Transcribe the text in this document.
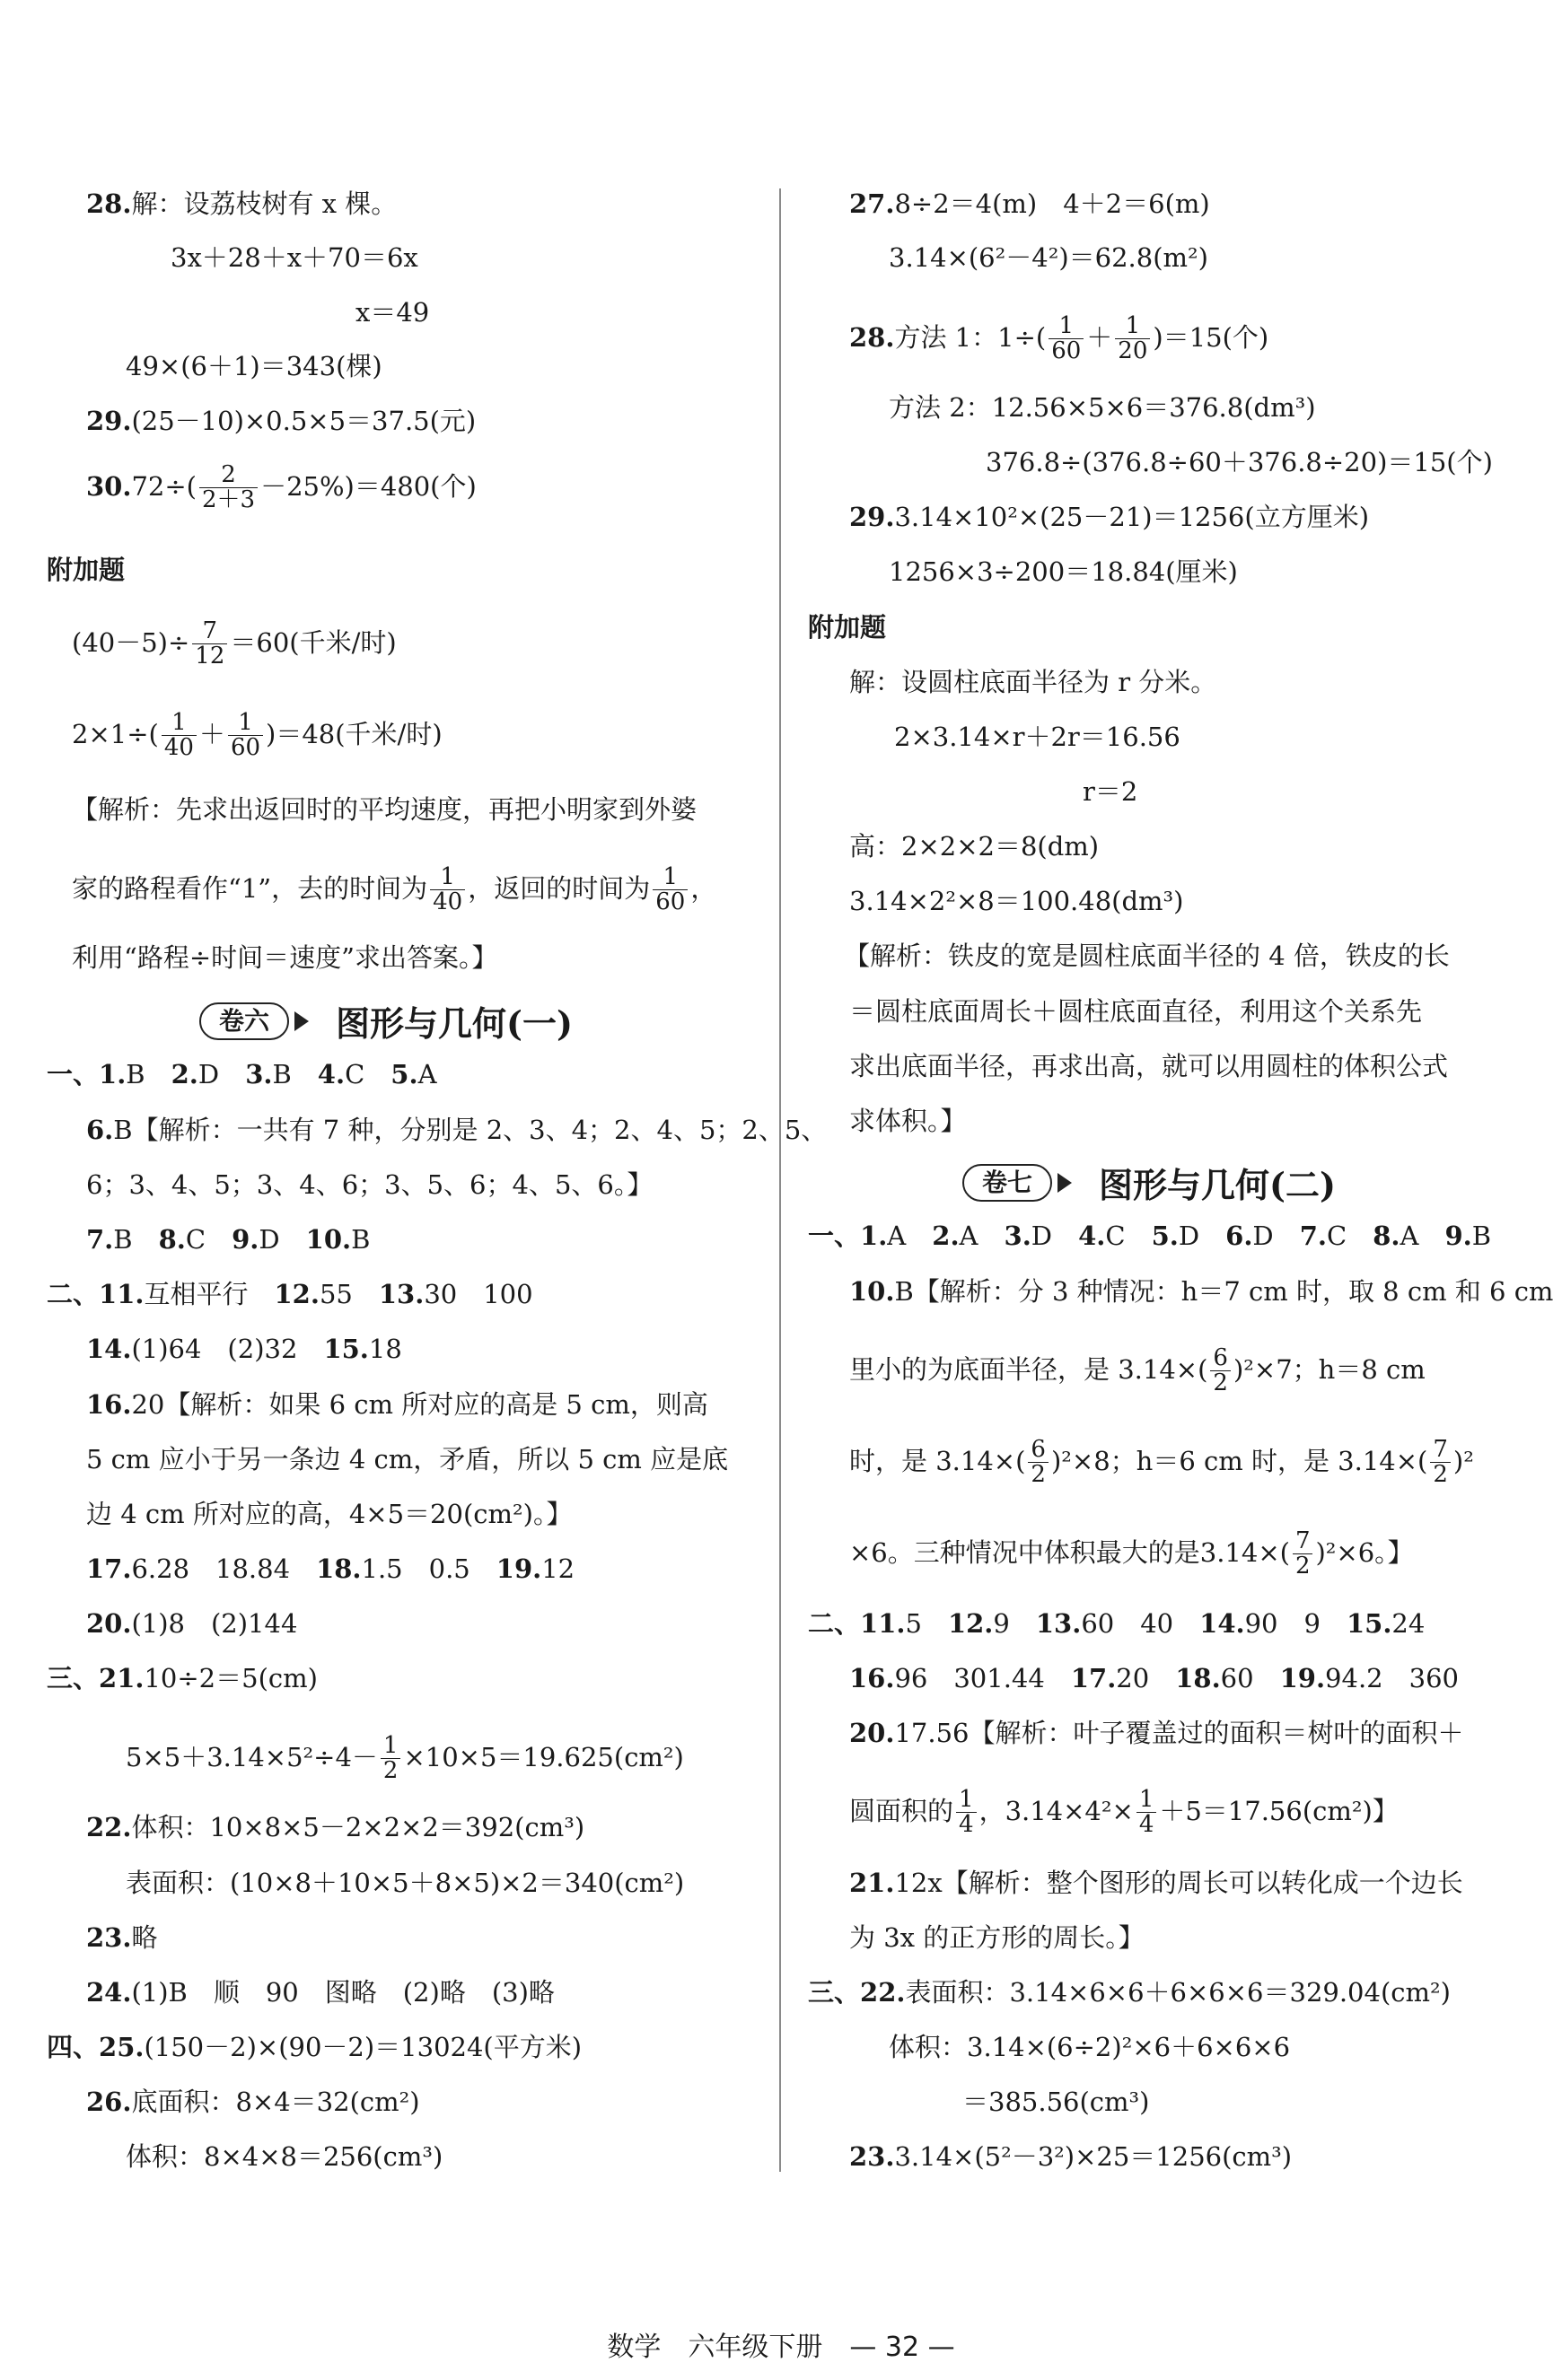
28.解：设荔枝树有 x 棵。
3x＋28＋x＋70＝6x
x＝49
49×(6＋1)＝343(棵)
29.(25－10)×0.5×5＝37.5(元)
$30.72\div( \frac{2}{2+3} -25\%)=480$(个)
附加题
$(40-5)\div \frac{7}{12} =60$(千米/时)
$2\times 1\div( \frac{1}{40} + \frac{1}{60} )=48$(千米/时)
【解析：先求出返回时的平均速度，再把小明家到外婆
家的路程看作“1”，去的时间为 $\frac{1}{40}$ ，返回的时间为 $\frac{1}{60}$ ，
利用“路程÷时间＝速度”求出答案。】
卷六	图形与几何(一)
一、1.B　 2.D　 3.B　 4.C　 5.A
6.B【解析：一共有 7 种，分别是 2、3、4；2、4、5；2、5、
6；3、4、5；3、4、6；3、5、6；4、5、6。】
7.B　 8.C　 9.D　 10.B
二、11.互相平行　 12.55　 13.30　100
14.(1)64　(2)32　 15.18
16.20【解析：如果 6 cm 所对应的高是 5 cm，则高
5 cm 应小于另一条边 4 cm，矛盾，所以 5 cm 应是底
边 4 cm 所对应的高，4×5＝20(cm²)。】
17.6.28　18.84　 18.1.5　0.5　 19.12
20.(1)8　(2)144
三、21.10÷2＝5(cm)
$5\times 5+3.14\times 5^2\div 4- \frac{1}{2} \times 10\times 5=19.625(cm^2)$
22.体积：10×8×5－2×2×2＝392(cm³)
表面积：(10×8＋10×5＋8×5)×2＝340(cm²)
23.略
24.(1)B　顺　90　图略　(2)略　(3)略
四、25.(150－2)×(90－2)＝13024(平方米)
26.底面积：8×4＝32(cm²)
体积：8×4×8＝256(cm³)
27.8÷2＝4(m)　4＋2＝6(m)
3.14×(6²－4²)＝62.8(m²)
28.方法 1：$1\div( \frac{1}{60} + \frac{1}{20} )=15$(个)
方法 2：12.56×5×6＝376.8(dm³)
376.8÷(376.8÷60＋376.8÷20)＝15(个)
29.3.14×10²×(25－21)＝1256(立方厘米)
1256×3÷200＝18.84(厘米)
附加题
解：设圆柱底面半径为 r 分米。
2×3.14×r＋2r＝16.56
r＝2
高：2×2×2＝8(dm)
3.14×2²×8＝100.48(dm³)
【解析：铁皮的宽是圆柱底面半径的 4 倍，铁皮的长
＝圆柱底面周长＋圆柱底面直径，利用这个关系先
求出底面半径，再求出高，就可以用圆柱的体积公式
求体积。】
卷七	图形与几何(二)
一、1.A　 2.A　 3.D　 4.C　 5.D　 6.D　 7.C　 8.A　 9.B
10.B【解析：分 3 种情况：h＝7 cm 时，取 8 cm 和 6 cm
里小的为底面半径，是 $3.14\times( \frac{6}{2} )^2\times 7$；h＝8 cm
时，是 $3.14\times( \frac{6}{2} )^2\times 8$；h＝6 cm 时，是 $3.14\times( \frac{7}{2} )^2$
×6。三种情况中体积最大的是$3.14\times( \frac{7}{2} )^2\times 6$。】
二、11.5　 12.9　 13.60　40　 14.90　9　 15.24
16.96　301.44　 17.20　 18.60　 19.94.2　360
20.17.56【解析：叶子覆盖过的面积＝树叶的面积＋
圆面积的 $\frac{1}{4}$ ，$3.14\times 4^2\times \frac{1}{4} +5=17.56(cm^2)$】
21.12x【解析：整个图形的周长可以转化成一个边长
为 3x 的正方形的周长。】
三、22.表面积：3.14×6×6＋6×6×6＝329.04(cm²)
体积：3.14×(6÷2)²×6＋6×6×6
＝385.56(cm³)
23.3.14×(5²－3²)×25＝1256(cm³)
数学　六年级下册　— 32 —
